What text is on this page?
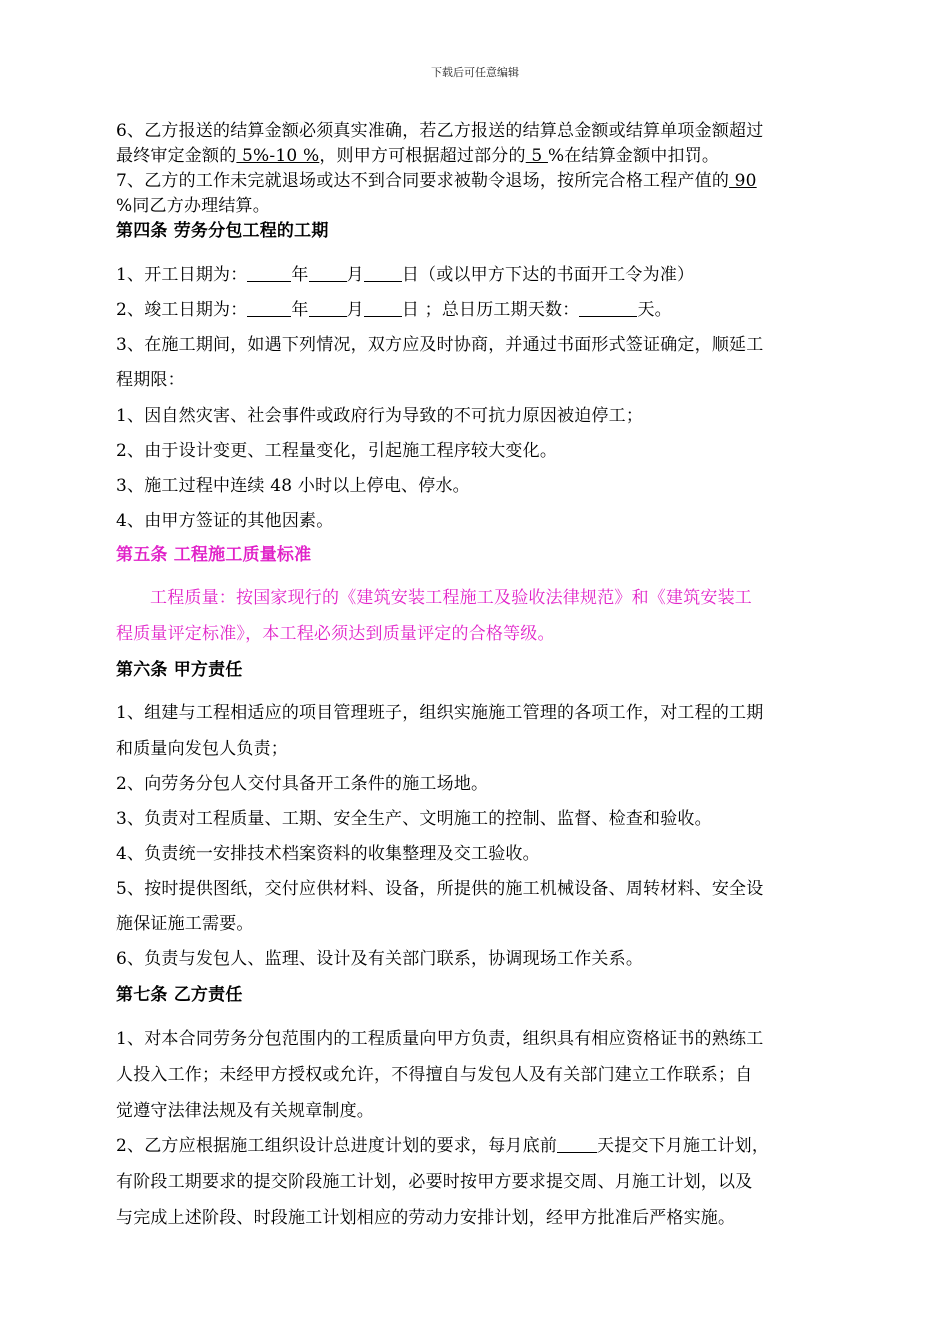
下载后可任意编辑
6、乙方报送的结算金额必须真实准确，若乙方报送的结算总金额或结算单项金额超过
最终审定金额的 5%-10 %，则甲方可根据超过部分的 5 %在结算金额中扣罚。
7、乙方的工作未完就退场或达不到合同要求被勒令退场，按所完合格工程产值的 90
%同乙方办理结算。
第四条 劳务分包工程的工期
1、开工日期为：	年 月 日（或以甲方下达的书面开工令为准）
2、竣工日期为：	年 月 日 ；总日历工期天数：	天。
3、在施工期间，如遇下列情况，双方应及时协商，并通过书面形式签证确定，顺延工
程期限：
1、因自然灾害、社会事件或政府行为导致的不可抗力原因被迫停工；
2、由于设计变更、工程量变化，引起施工程序较大变化。
3、施工过程中连续 48 小时以上停电、停水。
4、由甲方签证的其他因素。
第五条 工程施工质量标准
工程质量：按国家现行的《建筑安装工程施工及验收法律规范》和《建筑安装工
程质量评定标准》，本工程必须达到质量评定的合格等级。
第六条 甲方责任
1、组建与工程相适应的项目管理班子，组织实施施工管理的各项工作，对工程的工期
和质量向发包人负责；
2、向劳务分包人交付具备开工条件的施工场地。
3、负责对工程质量、工期、安全生产、文明施工的控制、监督、检查和验收。
4、负责统一安排技术档案资料的收集整理及交工验收。
5、按时提供图纸，交付应供材料、设备，所提供的施工机械设备、周转材料、安全设
施保证施工需要。
6、负责与发包人、监理、设计及有关部门联系，协调现场工作关系。
第七条 乙方责任
1、对本合同劳务分包范围内的工程质量向甲方负责，组织具有相应资格证书的熟练工
人投入工作；未经甲方授权或允许，不得擅自与发包人及有关部门建立工作联系；自
觉遵守法律法规及有关规章制度。
2、乙方应根据施工组织设计总进度计划的要求，每月底前 天提交下月施工计划，
有阶段工期要求的提交阶段施工计划，必要时按甲方要求提交周、月施工计划，以及
与完成上述阶段、时段施工计划相应的劳动力安排计划，经甲方批准后严格实施。
